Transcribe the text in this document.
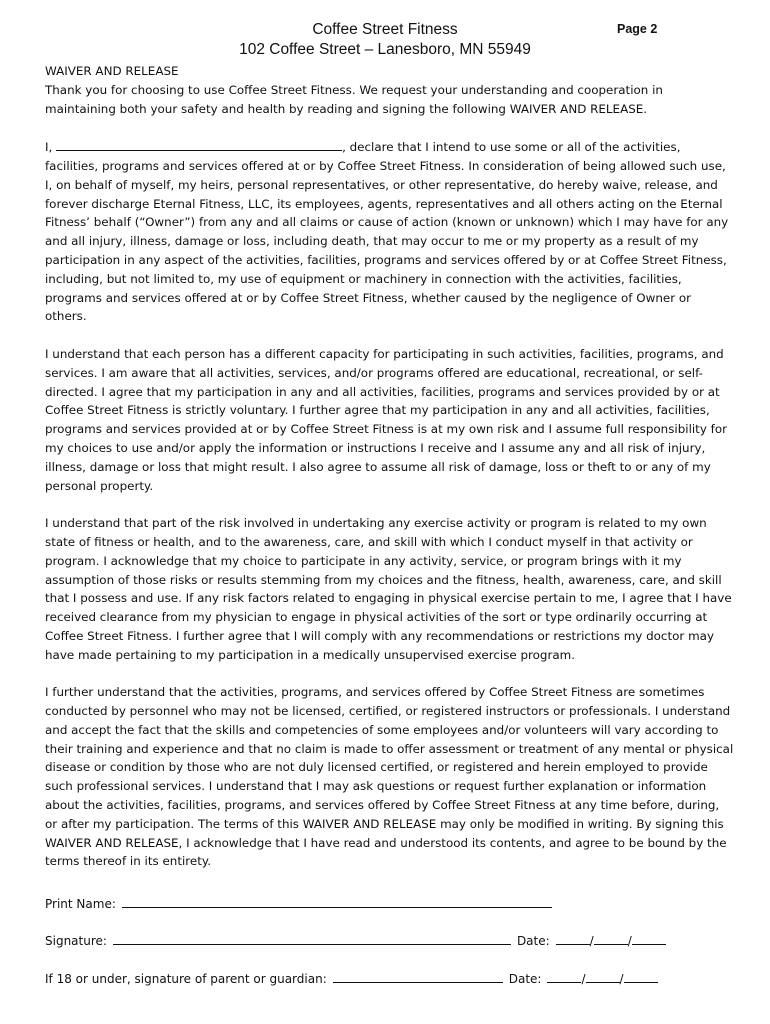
Coffee Street Fitness
102 Coffee Street – Lanesboro, MN 55949
Page 2

WAIVER AND RELEASE

Thank you for choosing to use Coffee Street Fitness. We request your understanding and cooperation in maintaining both your safety and health by reading and signing the following WAIVER AND RELEASE.

I,	, declare that I intend to use some or all of the activities, facilities, programs and services offered at or by Coffee Street Fitness. In consideration of being allowed such use, I, on behalf of myself, my heirs, personal representatives, or other representative, do hereby waive, release, and forever discharge Eternal Fitness, LLC, its employees, agents, representatives and all others acting on the Eternal Fitness’ behalf (“Owner”) from any and all claims or cause of action (known or unknown) which I may have for any and all injury, illness, damage or loss, including death, that may occur to me or my property as a result of my participation in any aspect of the activities, facilities, programs and services offered by or at Coffee Street Fitness, including, but not limited to, my use of equipment or machinery in connection with the activities, facilities, programs and services offered at or by Coffee Street Fitness, whether caused by the negligence of Owner or others.

I understand that each person has a different capacity for participating in such activities, facilities, programs, and services. I am aware that all activities, services, and/or programs offered are educational, recreational, or self-directed. I agree that my participation in any and all activities, facilities, programs and services provided by or at Coffee Street Fitness is strictly voluntary. I further agree that my participation in any and all activities, facilities, programs and services provided at or by Coffee Street Fitness is at my own risk and I assume full responsibility for my choices to use and/or apply the information or instructions I receive and I assume any and all risk of injury, illness, damage or loss that might result. I also agree to assume all risk of damage, loss or theft to or any of my personal property.

I understand that part of the risk involved in undertaking any exercise activity or program is related to my own state of fitness or health, and to the awareness, care, and skill with which I conduct myself in that activity or program. I acknowledge that my choice to participate in any activity, service, or program brings with it my assumption of those risks or results stemming from my choices and the fitness, health, awareness, care, and skill that I possess and use. If any risk factors related to engaging in physical exercise pertain to me, I agree that I have received clearance from my physician to engage in physical activities of the sort or type ordinarily occurring at Coffee Street Fitness. I further agree that I will comply with any recommendations or restrictions my doctor may have made pertaining to my participation in a medically unsupervised exercise program.

I further understand that the activities, programs, and services offered by Coffee Street Fitness are sometimes conducted by personnel who may not be licensed, certified, or registered instructors or professionals. I understand and accept the fact that the skills and competencies of some employees and/or volunteers will vary according to their training and experience and that no claim is made to offer assessment or treatment of any mental or physical disease or condition by those who are not duly licensed certified, or registered and herein employed to provide such professional services. I understand that I may ask questions or request further explanation or information about the activities, facilities, programs, and services offered by Coffee Street Fitness at any time before, during, or after my participation. The terms of this WAIVER AND RELEASE may only be modified in writing. By signing this WAIVER AND RELEASE, I acknowledge that I have read and understood its contents, and agree to be bound by the terms thereof in its entirety.

Print Name:
Signature:	Date:	/	/
If 18 or under, signature of parent or guardian:	Date:	/	/
